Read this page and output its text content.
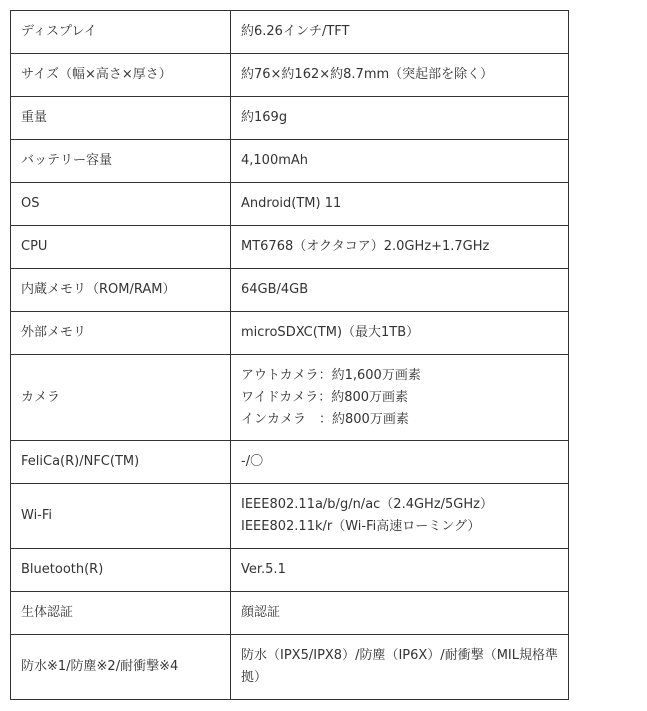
ディスプレイ	約6.26インチ/TFT

サイズ（幅×高さ×厚さ）	約76×約162×約8.7mm（突起部を除く）

重量	約169g

バッテリー容量	4,100mAh

OS	Android(TM) 11

CPU	MT6768（オクタコア）2.0GHz+1.7GHz

内蔵メモリ（ROM/RAM）	64GB/4GB

外部メモリ	microSDXC(TM)（最大1TB）

カメラ	アウトカメラ：約1,600万画素
ワイドカメラ：約800万画素
インカメラ　：約800万画素

FeliCa(R)/NFC(TM)	-/〇

Wi-Fi	IEEE802.11a/b/g/n/ac（2.4GHz/5GHz）
IEEE802.11k/r（Wi-Fi高速ローミング）

Bluetooth(R)	Ver.5.1

生体認証	顔認証

防水※1/防塵※2/耐衝撃※4	防水（IPX5/IPX8）/防塵（IP6X）/耐衝撃（MIL規格準拠）
